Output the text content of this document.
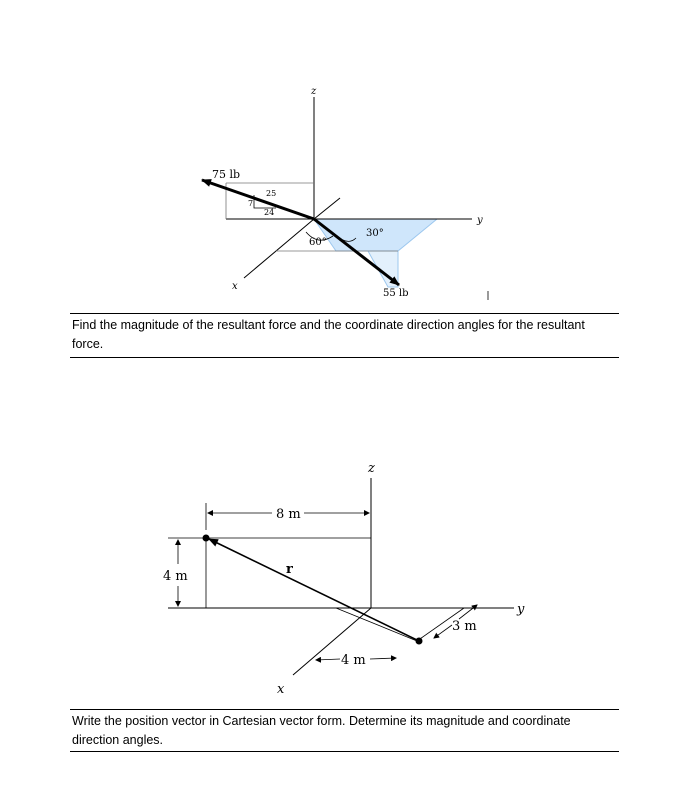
z
y
x
75 lb
25
7
24
60°
30°
55 lb
Find the magnitude of the resultant force and the coordinate direction angles for the resultant force.
8 m
4 m	r
3 m
4 m
z
y
x
Write the position vector in Cartesian vector form. Determine its magnitude and coordinate direction angles.
